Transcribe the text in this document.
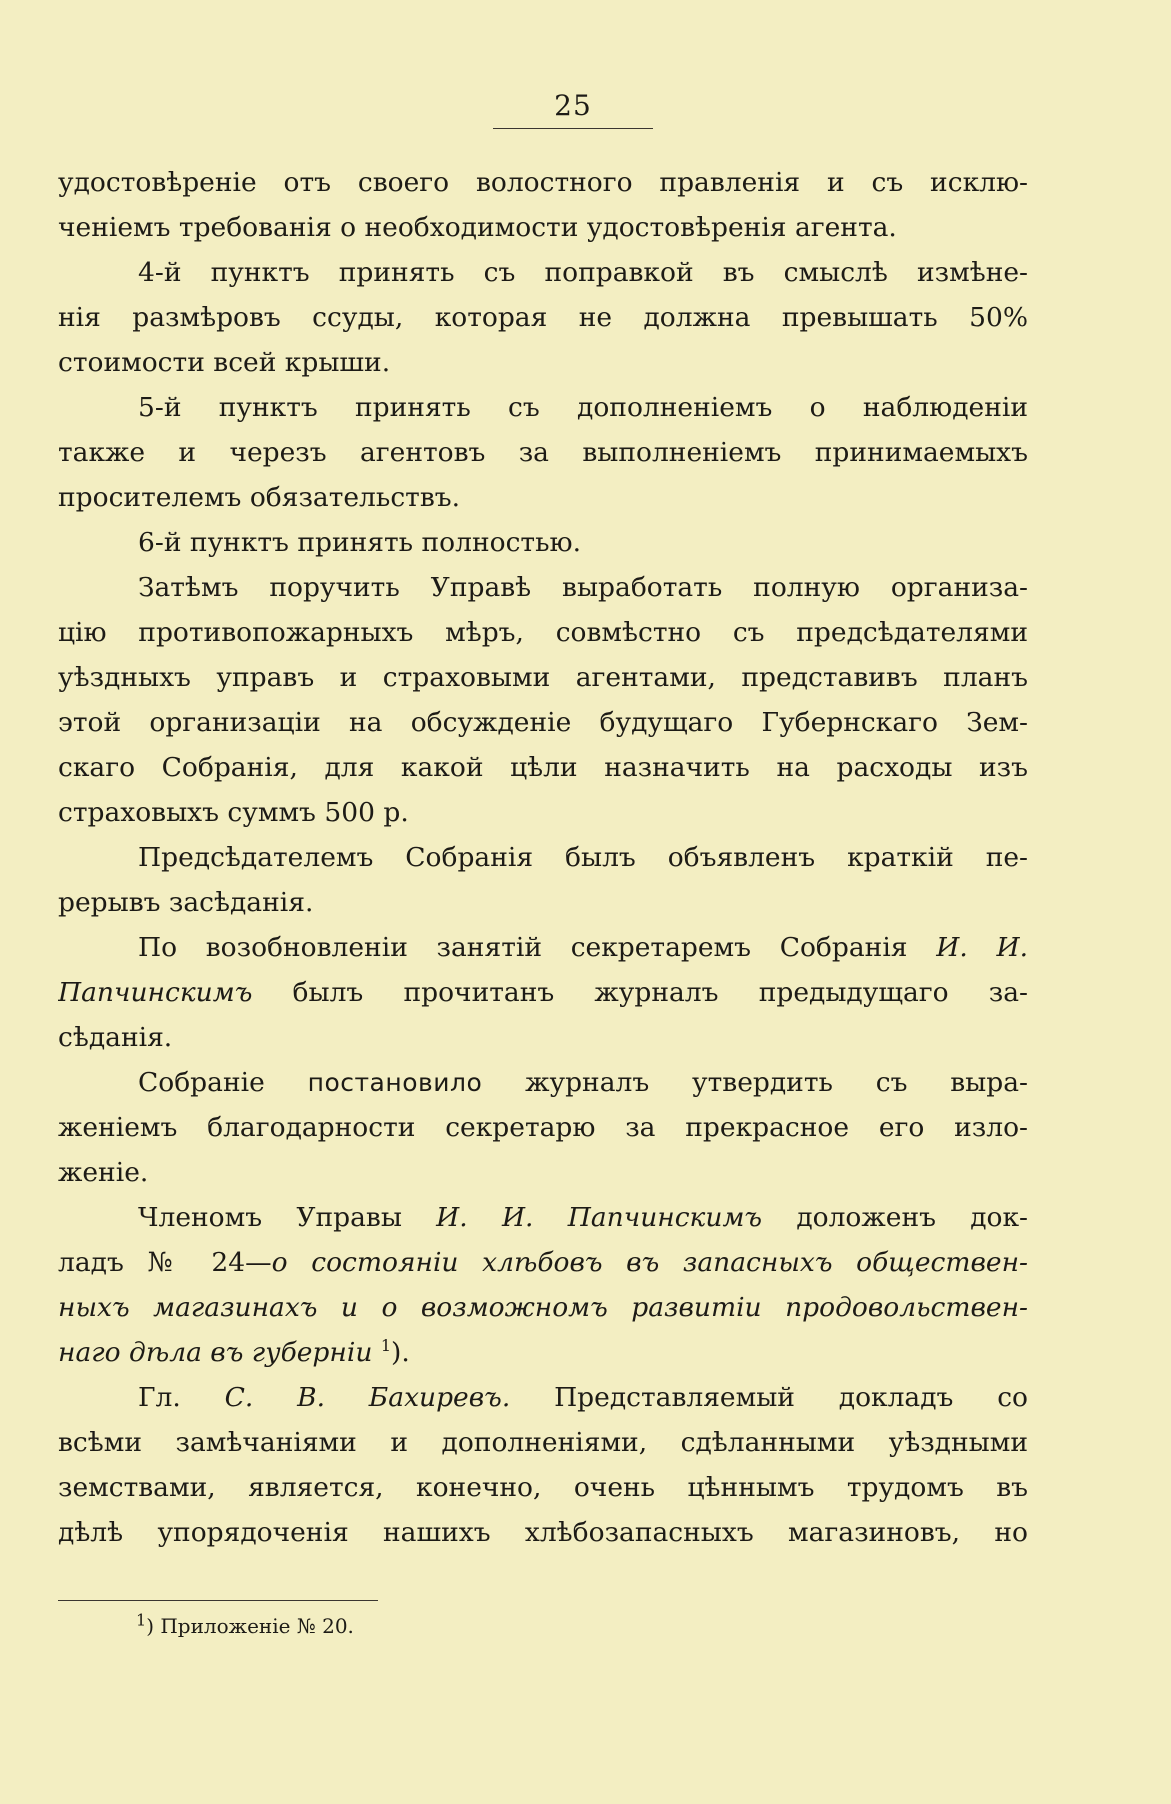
25
удостовѣреніе отъ своего волостного правленія и съ исклю-
ченіемъ требованія о необходимости удостовѣренія агента.
4-й пунктъ принять съ поправкой въ смыслѣ измѣне-
нія размѣровъ ссуды, которая не должна превышать 50%
стоимости всей крыши.
5-й пунктъ принять съ дополненіемъ о наблюденіи
также и черезъ агентовъ за выполненіемъ принимаемыхъ
просителемъ обязательствъ.
6-й пунктъ принять полностью.
Затѣмъ поручить Управѣ выработать полную организа-
цію противопожарныхъ мѣръ, совмѣстно съ предсѣдателями
уѣздныхъ управъ и страховыми агентами, представивъ планъ
этой организаціи на обсужденіе будущаго Губернскаго Зем-
скаго Собранія, для какой цѣли назначить на расходы изъ
страховыхъ суммъ 500 р.
Предсѣдателемъ Собранія былъ объявленъ краткій пе-
рерывъ засѣданія.
По возобновленіи занятій секретаремъ Собранія И. И.
Папчинскимъ былъ прочитанъ журналъ предыдущаго за-
сѣданія.
Собраніе постановило журналъ утвердить съ выра-
женіемъ благодарности секретарю за прекрасное его изло-
женіе.
Членомъ Управы И. И. Папчинскимъ доложенъ док-
ладъ № 24—о состояніи хлѣбовъ въ запасныхъ обществен-
ныхъ магазинахъ и о возможномъ развитіи продовольствен-
наго дѣла въ губерніи $^1$).
Гл. С. В. Бахиревъ. Представляемый докладъ со
всѣми замѣчаніями и дополненіями, сдѣланными уѣздными
земствами, является, конечно, очень цѣннымъ трудомъ въ
дѣлѣ упорядоченія нашихъ хлѣбозапасныхъ магазиновъ, но
$^1$) Приложеніе № 20.
